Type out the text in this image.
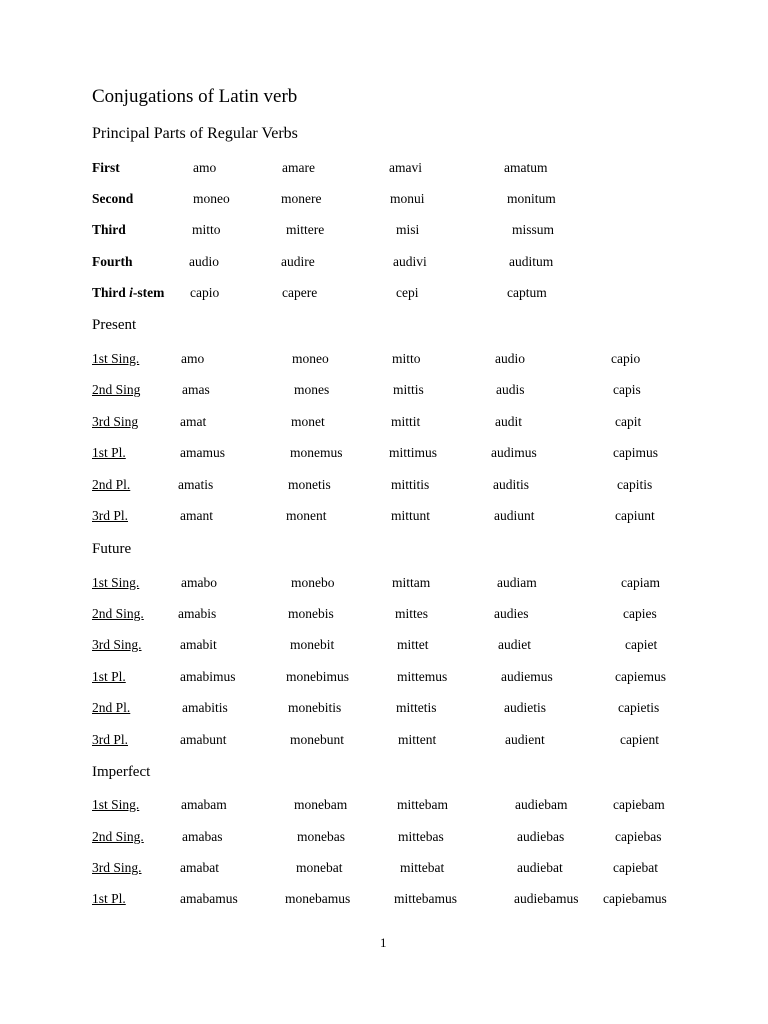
Conjugations of Latin verb
Principal Parts of Regular Verbs
First	amo	amare	amavi	amatum
Second	moneo	monere	monui	monitum
Third	mitto	mittere	misi	missum
Fourth	audio	audire	audivi	auditum
Third i-stem capio	capere	cepi	captum
Present
1st Sing.	amo	moneo	mitto	audio	capio
2nd Sing	amas	mones	mittis	audis	capis
3rd Sing	amat	monet	mittit	audit	capit
1st Pl.	amamus	monemus	mittimus	audimus	capimus
2nd Pl.	amatis	monetis	mittitis	auditis	capitis
3rd Pl.	amant	monent	mittunt	audiunt	capiunt
Future
1st Sing.	amabo	monebo	mittam	audiam	capiam
2nd Sing.	amabis	monebis	mittes	audies	capies
3rd Sing.	amabit	monebit	mittet	audiet	capiet
1st Pl.	amabimus	monebimus	mittemus	audiemus	capiemus
2nd Pl.	amabitis	monebitis	mittetis	audietis	capietis
3rd Pl.	amabunt	monebunt	mittent	audient	capient
Imperfect
1st Sing.	amabam	monebam	mittebam	audiebam	capiebam
2nd Sing.	amabas	monebas	mittebas	audiebas	capiebas
3rd Sing.	amabat	monebat	mittebat	audiebat	capiebat
1st Pl.	amabamus	monebamus	mittebamus	audiebamus capiebamus
1
